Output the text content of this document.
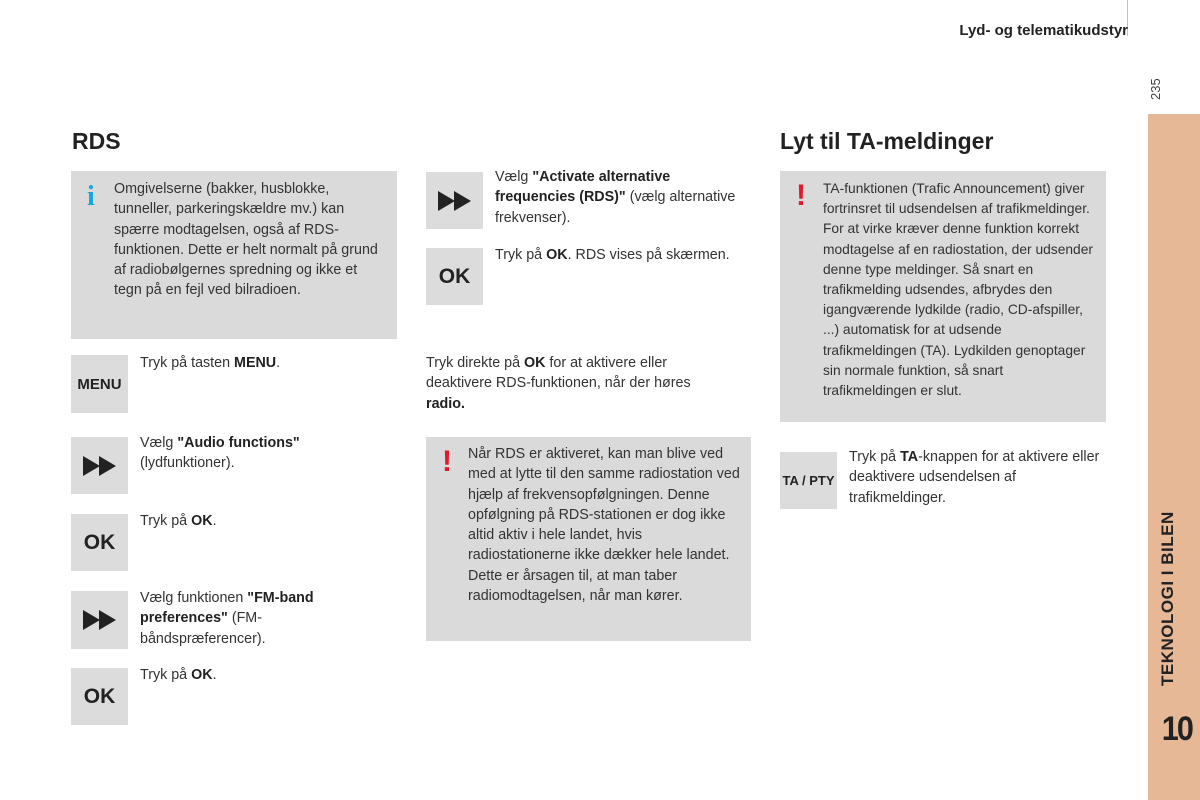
Lyd- og telematikudstyr
235
TEKNOLOGI I BILEN
10
RDS
i Omgivelserne (bakker, husblokke, tunneller, parkeringskældre mv.) kan spærre modtagelsen, også af RDS-funktionen. Dette er helt normalt på grund af radiobølgernes spredning og ikke et tegn på en fejl ved bilradioen.
MENU
Tryk på tasten MENU.
Vælg "Audio functions" (lydfunktioner).
OK
Tryk på OK.
Vælg funktionen "FM-band preferences" (FM-båndspræferencer).
OK
Tryk på OK.
Vælg "Activate alternative frequencies (RDS)" (vælg alternative frekvenser).
OK
Tryk på OK. RDS vises på skærmen.
Tryk direkte på OK for at aktivere eller deaktivere RDS-funktionen, når der høres radio.
! Når RDS er aktiveret, kan man blive ved med at lytte til den samme radiostation ved hjælp af frekvensopfølgningen. Denne opfølgning på RDS-stationen er dog ikke altid aktiv i hele landet, hvis radiostationerne ikke dækker hele landet. Dette er årsagen til, at man taber radiomodtagelsen, når man kører.
Lyt til TA-meldinger
! TA-funktionen (Trafic Announcement) giver fortrinsret til udsendelsen af trafikmeldinger. For at virke kræver denne funktion korrekt modtagelse af en radiostation, der udsender denne type meldinger. Så snart en trafikmelding udsendes, afbrydes den igangværende lydkilde (radio, CD-afspiller, ...) automatisk for at udsende trafikmeldingen (TA). Lydkilden genoptager sin normale funktion, så snart trafikmeldingen er slut.
TA / PTY
Tryk på TA-knappen for at aktivere eller deaktivere udsendelsen af trafikmeldinger.
